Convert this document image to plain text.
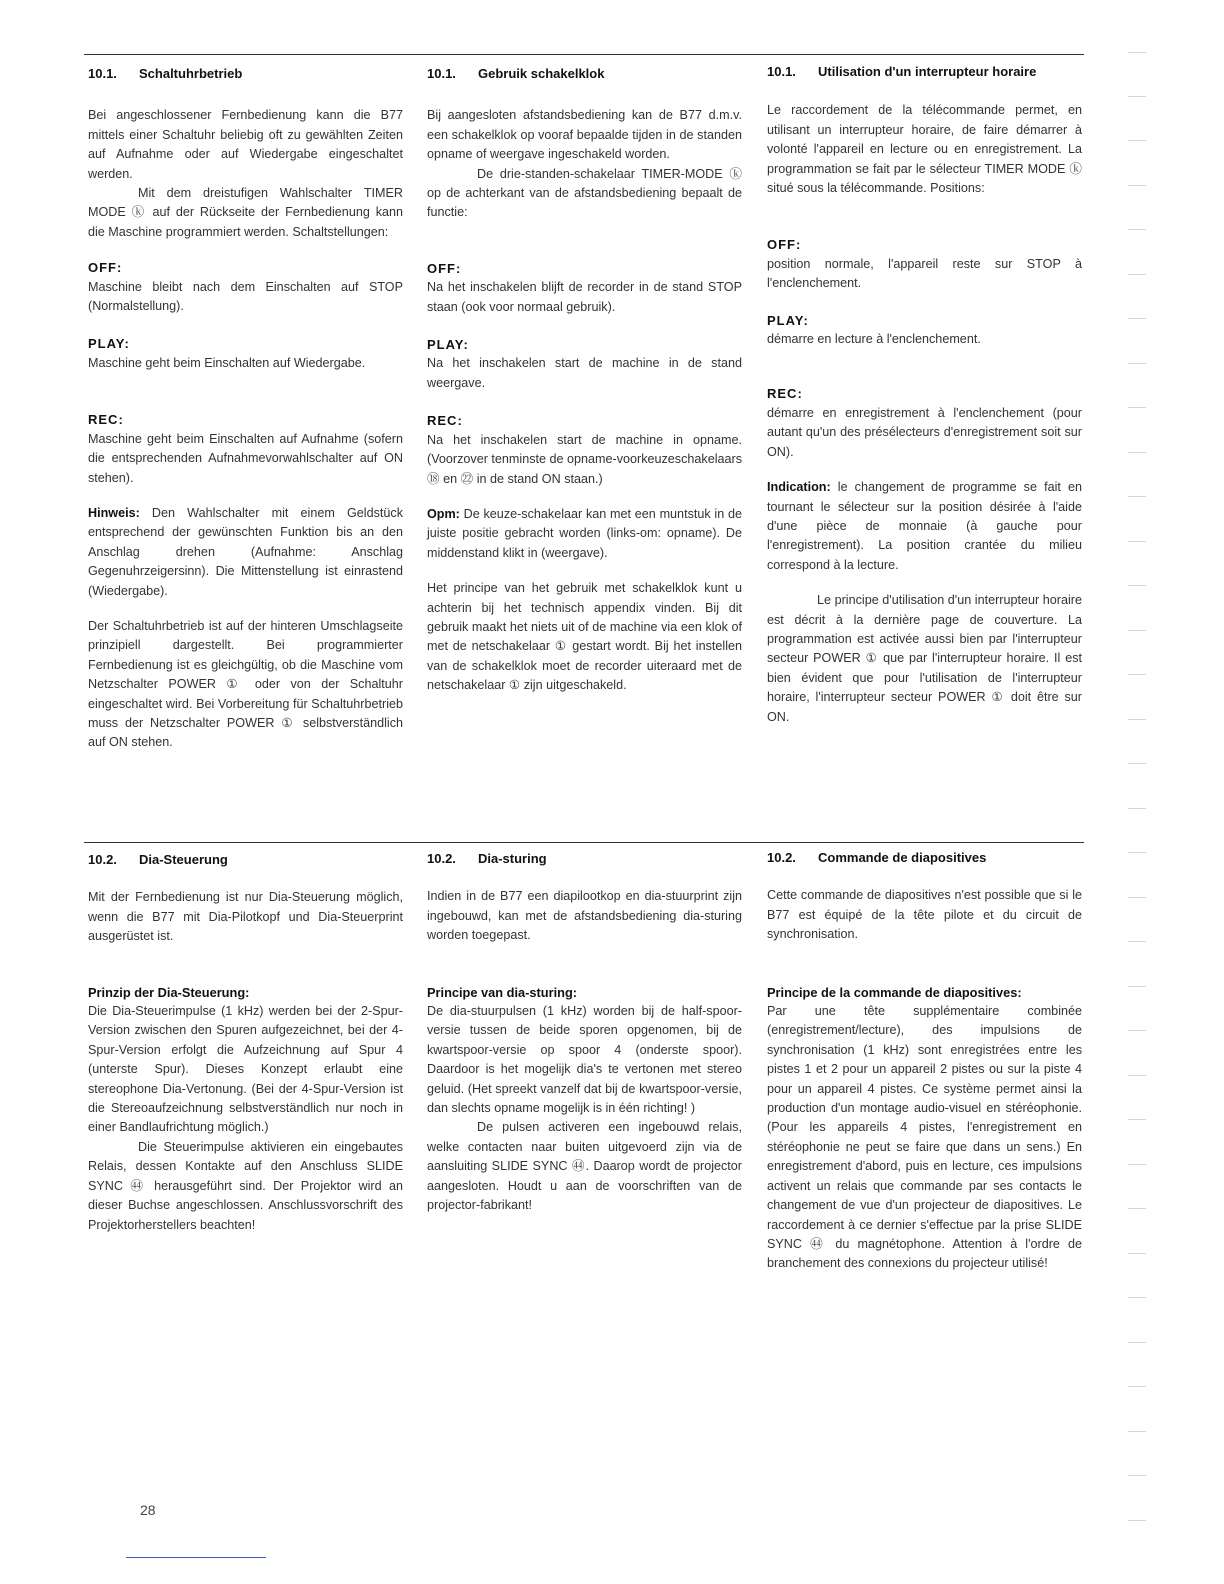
10.1. Schaltuhrbetrieb

Bei angeschlossener Fernbedienung kann die B77 mittels einer Schaltuhr beliebig oft zu gewählten Zeiten auf Aufnahme oder auf Wiedergabe eingeschaltet werden.

Mit dem dreistufigen Wahlschalter TIMER MODE ⓚ auf der Rückseite der Fernbedienung kann die Maschine programmiert werden. Schaltstellungen:

OFF:

Maschine bleibt nach dem Einschalten auf STOP (Normalstellung).

PLAY:

Maschine geht beim Einschalten auf Wiedergabe.

REC:

Maschine geht beim Einschalten auf Aufnahme (sofern die entsprechenden Aufnahmevorwahlschalter auf ON stehen).

Hinweis: Den Wahlschalter mit einem Geldstück entsprechend der gewünschten Funktion bis an den Anschlag drehen (Aufnahme: Anschlag Gegenuhrzeigersinn). Die Mittenstellung ist einrastend (Wiedergabe).

Der Schaltuhrbetrieb ist auf der hinteren Umschlagseite prinzipiell dargestellt. Bei programmierter Fernbedienung ist es gleichgültig, ob die Maschine vom Netzschalter POWER ① oder von der Schaltuhr eingeschaltet wird. Bei Vorbereitung für Schaltuhrbetrieb muss der Netzschalter POWER ① selbstverständlich auf ON stehen.

10.1. Gebruik schakelklok

Bij aangesloten afstandsbediening kan de B77 d.m.v. een schakelklok op vooraf bepaalde tijden in de standen opname of weergave ingeschakeld worden.

De drie-standen-schakelaar TIMER-MODE ⓚ op de achterkant van de afstandsbediening bepaalt de functie:

OFF:

Na het inschakelen blijft de recorder in de stand STOP staan (ook voor normaal gebruik).

PLAY:

Na het inschakelen start de machine in de stand weergave.

REC:

Na het inschakelen start de machine in opname. (Voorzover tenminste de opname-voorkeuzeschakelaars ⑱ en ㉒ in de stand ON staan.)

Opm: De keuze-schakelaar kan met een muntstuk in de juiste positie gebracht worden (links-om: opname). De middenstand klikt in (weergave).

Het principe van het gebruik met schakelklok kunt u achterin bij het technisch appendix vinden. Bij dit gebruik maakt het niets uit of de machine via een klok of met de netschakelaar ① gestart wordt. Bij het instellen van de schakelklok moet de recorder uiteraard met de netschakelaar ① zijn uitgeschakeld.

10.1. Utilisation d'un interrupteur horaire

Le raccordement de la télécommande permet, en utilisant un interrupteur horaire, de faire démarrer à volonté l'appareil en lecture ou en enregistrement. La programmation se fait par le sélecteur TIMER MODE ⓚ situé sous la télécommande. Positions:

OFF:

position normale, l'appareil reste sur STOP à l'enclenchement.

PLAY:

démarre en lecture à l'enclenchement.

REC:

démarre en enregistrement à l'enclenchement (pour autant qu'un des présélecteurs d'enregistrement soit sur ON).

Indication: le changement de programme se fait en tournant le sélecteur sur la position désirée à l'aide d'une pièce de monnaie (à gauche pour l'enregistrement). La position crantée du milieu correspond à la lecture.

Le principe d'utilisation d'un interrupteur horaire est décrit à la dernière page de couverture. La programmation est activée aussi bien par l'interrupteur secteur POWER ① que par l'interrupteur horaire. Il est bien évident que pour l'utilisation de l'interrupteur horaire, l'interrupteur secteur POWER ① doit être sur ON.

10.2. Dia-Steuerung

Mit der Fernbedienung ist nur Dia-Steuerung möglich, wenn die B77 mit Dia-Pilotkopf und Dia-Steuerprint ausgerüstet ist.

Prinzip der Dia-Steuerung:

Die Dia-Steuerimpulse (1 kHz) werden bei der 2-Spur-Version zwischen den Spuren aufgezeichnet, bei der 4-Spur-Version erfolgt die Aufzeichnung auf Spur 4 (unterste Spur). Dieses Konzept erlaubt eine stereophone Dia-Vertonung. (Bei der 4-Spur-Version ist die Stereoaufzeichnung selbstverständlich nur noch in einer Bandlaufrichtung möglich.)

Die Steuerimpulse aktivieren ein eingebautes Relais, dessen Kontakte auf den Anschluss SLIDE SYNC ㊹ herausgeführt sind. Der Projektor wird an dieser Buchse angeschlossen. Anschlussvorschrift des Projektorherstellers beachten!

10.2. Dia-sturing

Indien in de B77 een diapilootkop en dia-stuurprint zijn ingebouwd, kan met de afstandsbediening dia-sturing worden toegepast.

Principe van dia-sturing:

De dia-stuurpulsen (1 kHz) worden bij de half-spoor-versie tussen de beide sporen opgenomen, bij de kwartspoor-versie op spoor 4 (onderste spoor). Daardoor is het mogelijk dia's te vertonen met stereo geluid. (Het spreekt vanzelf dat bij de kwartspoor-versie, dan slechts opname mogelijk is in één richting! )

De pulsen activeren een ingebouwd relais, welke contacten naar buiten uitgevoerd zijn via de aansluiting SLIDE SYNC ㊹. Daarop wordt de projector aangesloten. Houdt u aan de voorschriften van de projector-fabrikant!

10.2. Commande de diapositives

Cette commande de diapositives n'est possible que si le B77 est équipé de la tête pilote et du circuit de synchronisation.

Principe de la commande de diapositives:

Par une tête supplémentaire combinée (enregistrement/lecture), des impulsions de synchronisation (1 kHz) sont enregistrées entre les pistes 1 et 2 pour un appareil 2 pistes ou sur la piste 4 pour un appareil 4 pistes. Ce système permet ainsi la production d'un montage audio-visuel en stéréophonie. (Pour les appareils 4 pistes, l'enregistrement en stéréophonie ne peut se faire que dans un sens.) En enregistrement d'abord, puis en lecture, ces impulsions activent un relais que commande par ses contacts le changement de vue d'un projecteur de diapositives. Le raccordement à ce dernier s'effectue par la prise SLIDE SYNC ㊹ du magnétophone. Attention à l'ordre de branchement des connexions du projecteur utilisé!

28
